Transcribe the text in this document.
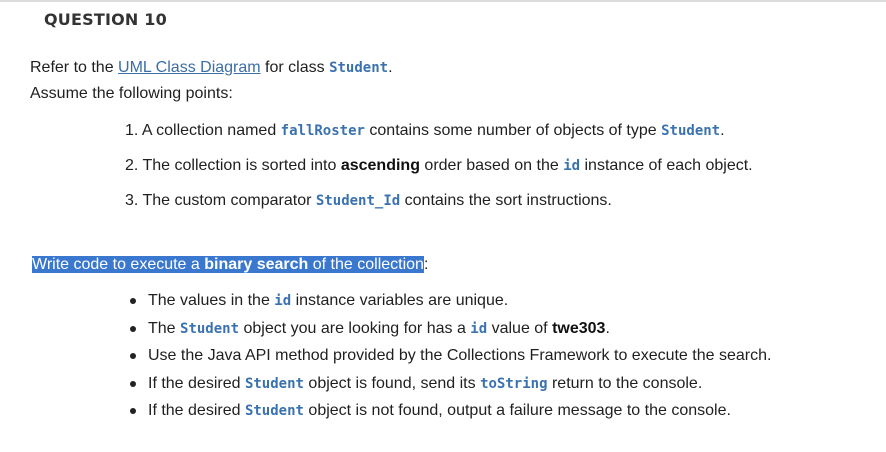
QUESTION 10
Refer to the UML Class Diagram for class Student.
Assume the following points:
1. A collection named fallRoster contains some number of objects of type Student.
2. The collection is sorted into ascending order based on the id instance of each object.
3. The custom comparator Student_Id contains the sort instructions.
Write code to execute a binary search of the collection:
The values in the id instance variables are unique.
The Student object you are looking for has a id value of twe303.
Use the Java API method provided by the Collections Framework to execute the search.
If the desired Student object is found, send its toString return to the console.
If the desired Student object is not found, output a failure message to the console.
